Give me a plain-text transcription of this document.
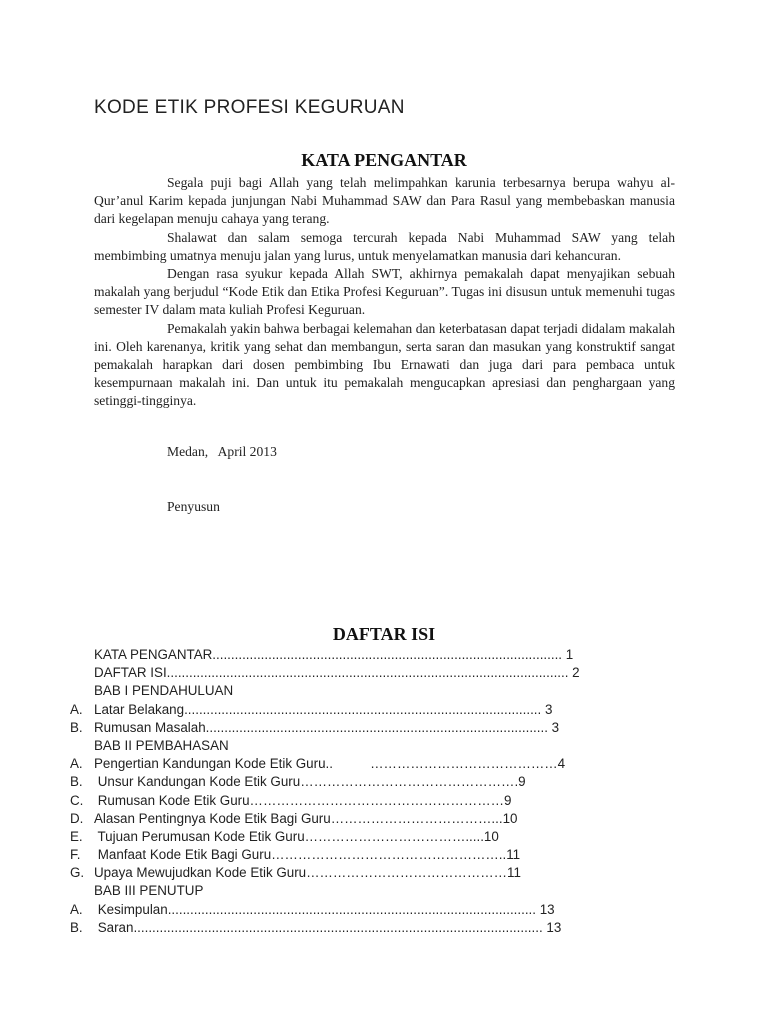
KODE ETIK PROFESI KEGURUAN
KATA PENGANTAR

Segala puji bagi Allah yang telah melimpahkan karunia terbesarnya berupa wahyu al-Qur’anul Karim kepada junjungan Nabi Muhammad SAW dan Para Rasul yang membebaskan manusia dari kegelapan menuju cahaya yang terang.

Shalawat dan salam semoga tercurah kepada Nabi Muhammad SAW yang telah membimbing umatnya menuju jalan yang lurus, untuk menyelamatkan manusia dari kehancuran.

Dengan rasa syukur kepada Allah SWT, akhirnya pemakalah dapat menyajikan sebuah makalah yang berjudul “Kode Etik dan Etika Profesi Keguruan”. Tugas ini disusun untuk memenuhi tugas semester IV dalam mata kuliah Profesi Keguruan.

Pemakalah yakin bahwa berbagai kelemahan dan keterbatasan dapat terjadi didalam makalah ini. Oleh karenanya, kritik yang sehat dan membangun, serta saran dan masukan yang konstruktif sangat pemakalah harapkan dari dosen pembimbing Ibu Ernawati dan juga dari para pembaca untuk kesempurnaan makalah ini. Dan untuk itu pemakalah mengucapkan apresiasi dan penghargaan yang setinggi-tingginya.

Medan,   April 2013
Penyusun
DAFTAR ISI
KATA PENGANTAR.............................................................................................. 1
DAFTAR ISI............................................................................................................ 2
BAB I PENDAHULUAN
A. Latar Belakang................................................................................................ 3
B. Rumusan Masalah............................................................................................ 3
BAB II PEMBAHASAN
A. Pengertian Kandungan Kode Etik Guru..          ……………………………………4
B. Unsur Kandungan Kode Etik Guru………………………………………….9
C. Rumusan Kode Etik Guru…………………………………………………9
D. Alasan Pentingnya Kode Etik Bagi Guru………………………………...10
E. Tujuan Perumusan Kode Etik Guru……………………………….....10
F. Manfaat Kode Etik Bagi Guru……………………………………………..11
G. Upaya Mewujudkan Kode Etik Guru………………………………………11
BAB III PENUTUP
A. Kesimpulan................................................................................................... 13
B. Saran.............................................................................................................. 13
